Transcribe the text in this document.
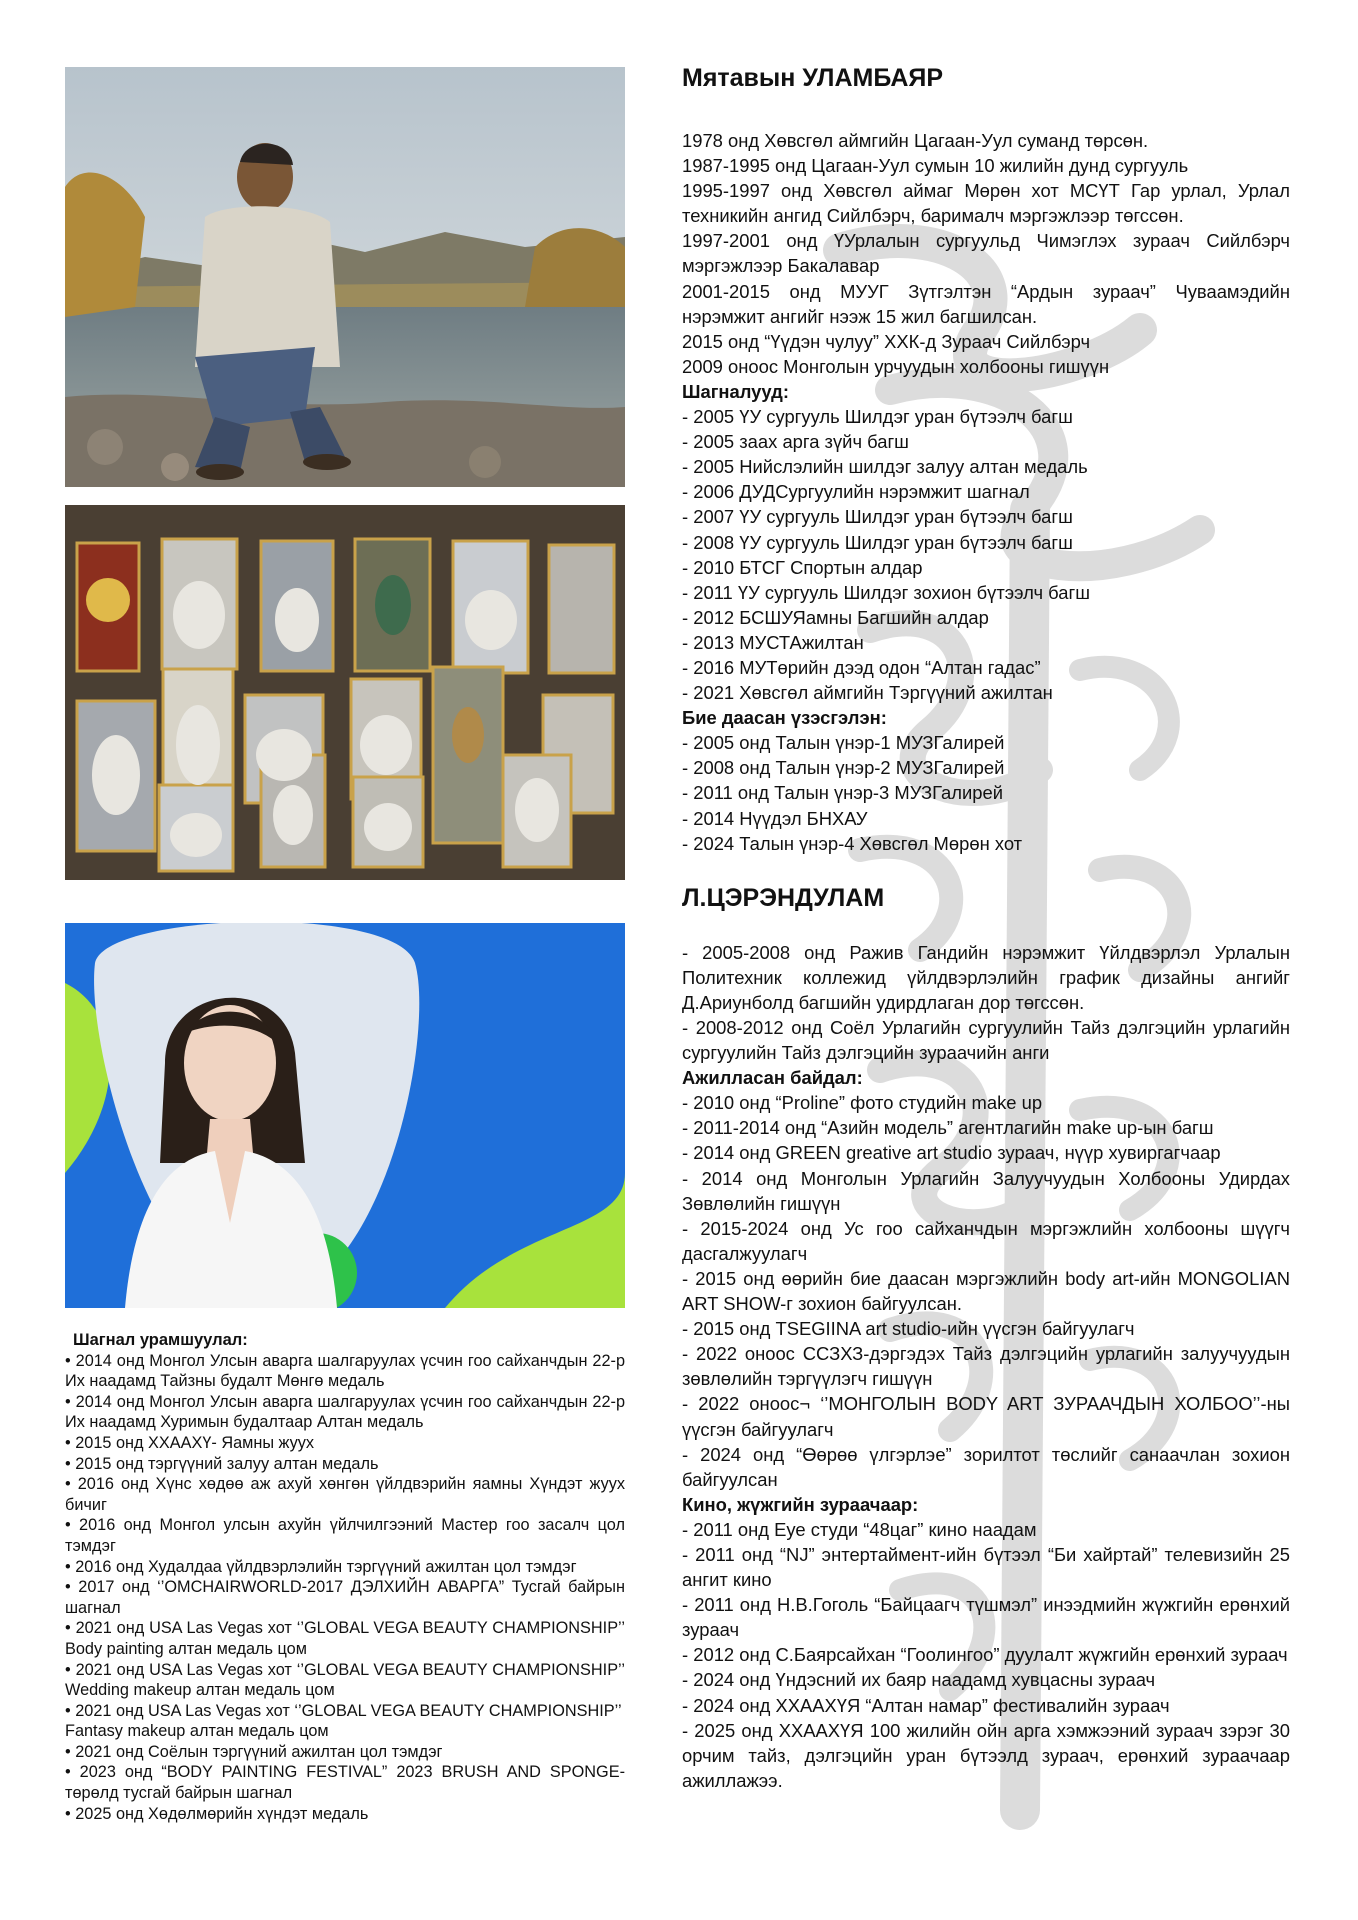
Мятавын УЛАМБАЯР

1978 онд Хөвсгөл аймгийн Цагаан-Уул суманд төрсөн.

1987-1995 онд Цагаан-Уул сумын 10 жилийн дунд сургууль

1995-1997 онд Хөвсгөл аймаг Мөрөн хот МСҮТ Гар урлал, Урлал техникийн ангид Сийлбэрч, барималч мэргэжлээр төгссөн.

1997-2001 онд ҮУрлалын сургуульд Чимэглэх зураач Сийлбэрч мэргэжлээр Бакалавар

2001-2015 онд МУУГ Зүтгэлтэн “Ардын зураач” Чуваамэдийн нэрэмжит ангийг нээж 15 жил багшилсан.

2015 онд “Үүдэн чулуу” ХХК-д Зураач Сийлбэрч

2009 оноос Монголын урчуудын холбооны гишүүн

Шагналууд:
- 2005 ҮУ сургууль Шилдэг уран бүтээлч багш
- 2005 заах арга зүйч багш
- 2005 Нийслэлийн шилдэг залуу алтан медаль
- 2006 ДУДСургуулийн нэрэмжит шагнал
- 2007 ҮУ сургууль Шилдэг уран бүтээлч багш
- 2008 ҮУ сургууль Шилдэг уран бүтээлч багш
- 2010 БТСГ Спортын алдар
- 2011 ҮУ сургууль Шилдэг зохион бүтээлч багш
- 2012 БСШУЯамны Багшийн алдар
- 2013 МУСТАжилтан
- 2016 МУТөрийн дээд одон “Алтан гадас”
- 2021 Хөвсгөл аймгийн Тэргүүний ажилтан
Бие даасан үзэсгэлэн:
- 2005 онд Талын үнэр-1 МУЗГалирей
- 2008 онд Талын үнэр-2 МУЗГалирей
- 2011 онд Талын үнэр-3 МУЗГалирей
- 2014 Нүүдэл БНХАУ
- 2024 Талын үнэр-4 Хөвсгөл Мөрөн хот
Л.ЦЭРЭНДУЛАМ

- 2005-2008 онд Ражив Гандийн нэрэмжит Үйлдвэрлэл Урлалын Политехник коллежид үйлдвэрлэлийн график дизайны ангийг Д.Ариунболд багшийн удирдлаган дор төгссөн.

- 2008-2012 онд Соёл Урлагийн сургуулийн Тайз дэлгэцийн урлагийн сургуулийн Тайз дэлгэцийн зураачийн анги

Ажилласан байдал:
- 2010 онд “Proline” фото студийн make up
- 2011-2014 онд “Азийн модель” агентлагийн make up-ын багш
- 2014 онд GREEN greative art studio зураач, нүүр хувиргагчаар
- 2014 онд Монголын Урлагийн Залуучуудын Холбооны Удирдах Зөвлөлийн гишүүн
- 2015-2024 онд Ус гоо сайханчдын мэргэжлийн холбооны шүүгч дасгалжуулагч
- 2015 онд өөрийн бие даасан мэргэжлийн body art-ийн MONGOLIAN ART SHOW-г зохион байгуулсан.
- 2015 онд TSEGIINA art studio-ийн үүсгэн байгуулагч
- 2022 оноос ССЗХЗ-дэргэдэх Тайз дэлгэцийн урлагийн залуучуудын зөвлөлийн тэргүүлэгч гишүүн
- 2022 оноос¬ ‘’МОНГОЛЫН BODY ART ЗУРААЧДЫН ХОЛБОО’’-ны үүсгэн байгуулагч
- 2024 онд “Өөрөө үлгэрлэе” зорилтот төслийг санаачлан зохион байгуулсан
Кино, жүжгийн зураачаар:
- 2011 онд Еуе студи “48цаг” кино наадам
- 2011 онд “NJ” энтертаймент-ийн бүтээл “Би хайртай” телевизийн 25 ангит кино
- 2011 онд Н.В.Гоголь “Байцаагч түшмэл” инээдмийн жүжгийн ерөнхий зураач
- 2012 онд С.Баярсайхан “Гоолингоо” дуулалт жүжгийн ерөнхий зураач
- 2024 онд Үндэсний их баяр наадамд хувцасны зураач
- 2024 онд ХХААХҮЯ “Алтан намар” фестивалийн зураач
- 2025 онд ХХААХҮЯ 100 жилийн ойн арга хэмжээний зураач зэрэг 30 орчим тайз, дэлгэцийн уран бүтээлд зураач, ерөнхий зураачаар ажиллажээ.
Шагнал урамшуулал:
• 2014 онд Монгол Улсын аварга шалгаруулах үсчин гоо сайханчдын 22-р Их наадамд Тайзны будалт Мөнгө медаль
• 2014 онд Монгол Улсын аварга шалгаруулах үсчин гоо сайханчдын 22-р Их наадамд Хуримын будалтаар Алтан медаль
• 2015 онд ХХААХҮ- Яамны жуух
• 2015 онд тэргүүний залуу алтан медаль
• 2016 онд Хүнс хөдөө аж ахуй хөнгөн үйлдвэрийн яамны Хүндэт жуух бичиг
• 2016 онд Монгол улсын ахуйн үйлчилгээний Мастер гоо засалч цол тэмдэг
• 2016 онд Худалдаа үйлдвэрлэлийн тэргүүний ажилтан цол тэмдэг
• 2017 онд ‘’OMCHAIRWORLD-2017 ДЭЛХИЙН АВАРГА” Тусгай байрын шагнал
• 2021 онд USA Las Vegas хот ‘’GLOBAL VEGA BEAUTY CHAMPIONSHIP’’ Body painting алтан медаль цом
• 2021 онд USA Las Vegas хот ‘’GLOBAL VEGA BEAUTY CHAMPIONSHIP’’ Wedding makeup алтан медаль цом
• 2021 онд USA Las Vegas хот ‘’GLOBAL VEGA BEAUTY CHAMPIONSHIP’’
Fantasy makeup алтан медаль цом
• 2021 онд Соёлын тэргүүний ажилтан цол тэмдэг
• 2023 онд “BODY PAINTING FESTIVAL” 2023 BRUSH AND SPONGE-төрөлд тусгай байрын шагнал
• 2025 онд Хөдөлмөрийн хүндэт медаль
